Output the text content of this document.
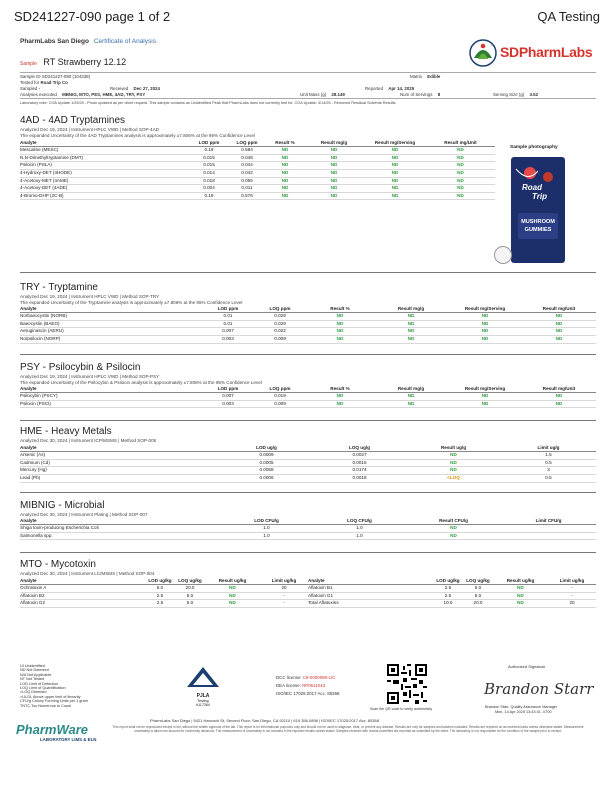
SD241227-090 page 1 of 2	QA Testing
PharmLabs San Diego Certificate of Analysis
Sample RT Strawberry 12.12
SDPharmLabs
Sample ID SD241227-090 (104339)	Matrix Edible
Tested for Road Trip Co
Sampled -	Received Dec 27, 2024	Reported Apr 14, 2025
Analyses executed MBNIG, MTO, PES, HME, 4AD, TRY, PSY	Unit Mass (g) 28.149	Num of Servings 8	Serving Size (g) 3.52
Laboratory note: COA Update 1/25/25 - Photo updated as per client request. This sample contains an Unidentified Peak that PharmLabs does not currently test for. COA Update: 4/14/25 - Removed Residual Solvents Results.
4AD - 4AD Tryptamines
Analyzed Dec 19, 2024 | Instrument HPLC VWD | Method SOP-4AD
The expanded Uncertainty of the 4AD Tryptamines analysis is approximately ±7.806% at the 95% Confidence Level
Analyte	LOD ppm	LOQ ppm	Result %	Result mg/g	Result mg/Serving	Result mg/Unit
Mescaline (MESC)	0.19	0.584	ND	ND	ND	ND
N,N-Dimethyltryptamine (DMT)	0.015	0.048	ND	ND	ND	ND
Psilocin (PSLA)	0.015	0.044	ND	ND	ND	ND
4-Hydroxy-DET (4HODE)	0.014	0.042	ND	ND	ND	ND
4-Acetoxy-MET (4AME)	0.018	0.055	ND	ND	ND	ND
4-Acetoxy-DET (4ADE)	0.004	0.011	ND	ND	ND	ND
4-Bromo-DHP (2C-B)	0.19	0.576	ND	ND	ND	ND
Sample photography
Road
Trip
MUSHROOM
GUMMIES
TRY - Tryptamine
Analyzed Dec 19, 2024 | Instrument HPLC VWD | Method SOP-TRY
The expanded Uncertainty of the Tryptamine analysis is approximately ±7.806% at the 95% Confidence Level
Analyte	LOD ppm	LOQ ppm	Result %	Result mg/g	Result mg/Serving	Result mg/Unit
Norbaeocystin (NORB)	0.01	0.029	ND	ND	ND	ND
Baeocystin (BAEO)	0.01	0.029	ND	ND	ND	ND
Aeruginascin (AERU)	0.007	0.022	ND	ND	ND	ND
Norpsilocin (NORP)	0.003	0.009	ND	ND	ND	ND
PSY - Psilocybin & Psilocin
Analyzed Dec 19, 2024 | Instrument HPLC VWD | Method SOP-PSY
The expanded Uncertainty of the Psilocybin & Psilocin analysis is approximately ±7.806% at the 95% Confidence Level
Analyte	LOD ppm	LOQ ppm	Result %	Result mg/g	Result mg/Serving	Result mg/Unit
Psilocybin (PSCY)	0.007	0.019	ND	ND	ND	ND
Psilocin (PSCI)	0.003	0.009	ND	ND	ND	ND
HME - Heavy Metals
Analyzed Dec 30, 2024 | Instrument ICP/MSMS | Method SOP-005
Analyte	LOD ug/g	LOQ ug/g	Result ug/g	Limit ug/g
Arsenic (As)	0.0009	0.0027	ND	1.5
Cadmium (Cd)	0.0005	0.0015	ND	0.5
Mercury (Hg)	0.0058	0.0174	ND	3
Lead (Pb)	0.0006	0.0018	<LOQ	0.5
MIBNIG - Microbial
Analyzed Dec 30, 2024 | Instrument Plating | Method SOP-007
Analyte	LOD CFU/g	LOQ CFU/g	Result CFU/g	Limit CFU/g
Shiga toxin-producing Escherichia Coli	1.0	1.0	ND	
Salmonella spp.	1.0	1.0	ND	
MTO - Mycotoxin
Analyzed Dec 30, 2024 | Instrument LC/MSMS | Method SOP-004
Analyte	LOD ug/kg	LOQ ug/kg	Result ug/kg	Limit ug/kg	Analyte	LOD ug/kg	LOQ ug/kg	Result ug/kg	Limit ug/kg
Ochratoxin A	5.0	20.0	ND	20	Aflatoxin B1	2.5	5.0	ND	-
Aflatoxin B2	2.5	5.0	ND	-	Aflatoxin G1	2.5	5.0	ND	-
Aflatoxin G2	2.5	5.0	ND	-	Total Aflatoxins	10.0	20.0	ND	20
UI Unidentified
ND Not Detected
N/A Not Applicable
NT Not Tested
LOD Limit of Detection
LOQ Limit of Quantification
<LOQ Detected
>ULOL Above upper limit of linearity
CFU/g Colony Forming Units per 1 gram
TNTC Too Numerous to Count
PharmWare
LABORATORY LIMS & ELN
PJLA
Testing
#117364
DCC license: C8-0000096-LIC
DEA license: RP0511043
ISO/IEC 17025:2017 Acc. 85368
Scan the QR code to verify authenticity
Authorized Signature
Brandon Starr
Brandon Starr, Quality Assurance Manager
Mon, 14 Apr 2025 13:43:41 -0700
PharmLabs San Diego | 5421 Hancock St, Second Floor, San Diego, CA 92110 | 619.356.0898 | ISO/IEC 17025:2017 Acc. 85368
This report shall not be reproduced except in full, without the written approval of the lab. This report is for informational purposes only and should not be used to diagnose, treat, or prevent any disease. Results are only for samples and batches indicated. Results are reported on as-received basis unless otherwise stated. Measurement uncertainty is taken into account for conformity decisions. The measurement of uncertainty is not included in the reported results unless stated. Samples received with results unverified are reported as submitted by the client. The laboratory is not responsible for the condition of the sample prior to receipt.
